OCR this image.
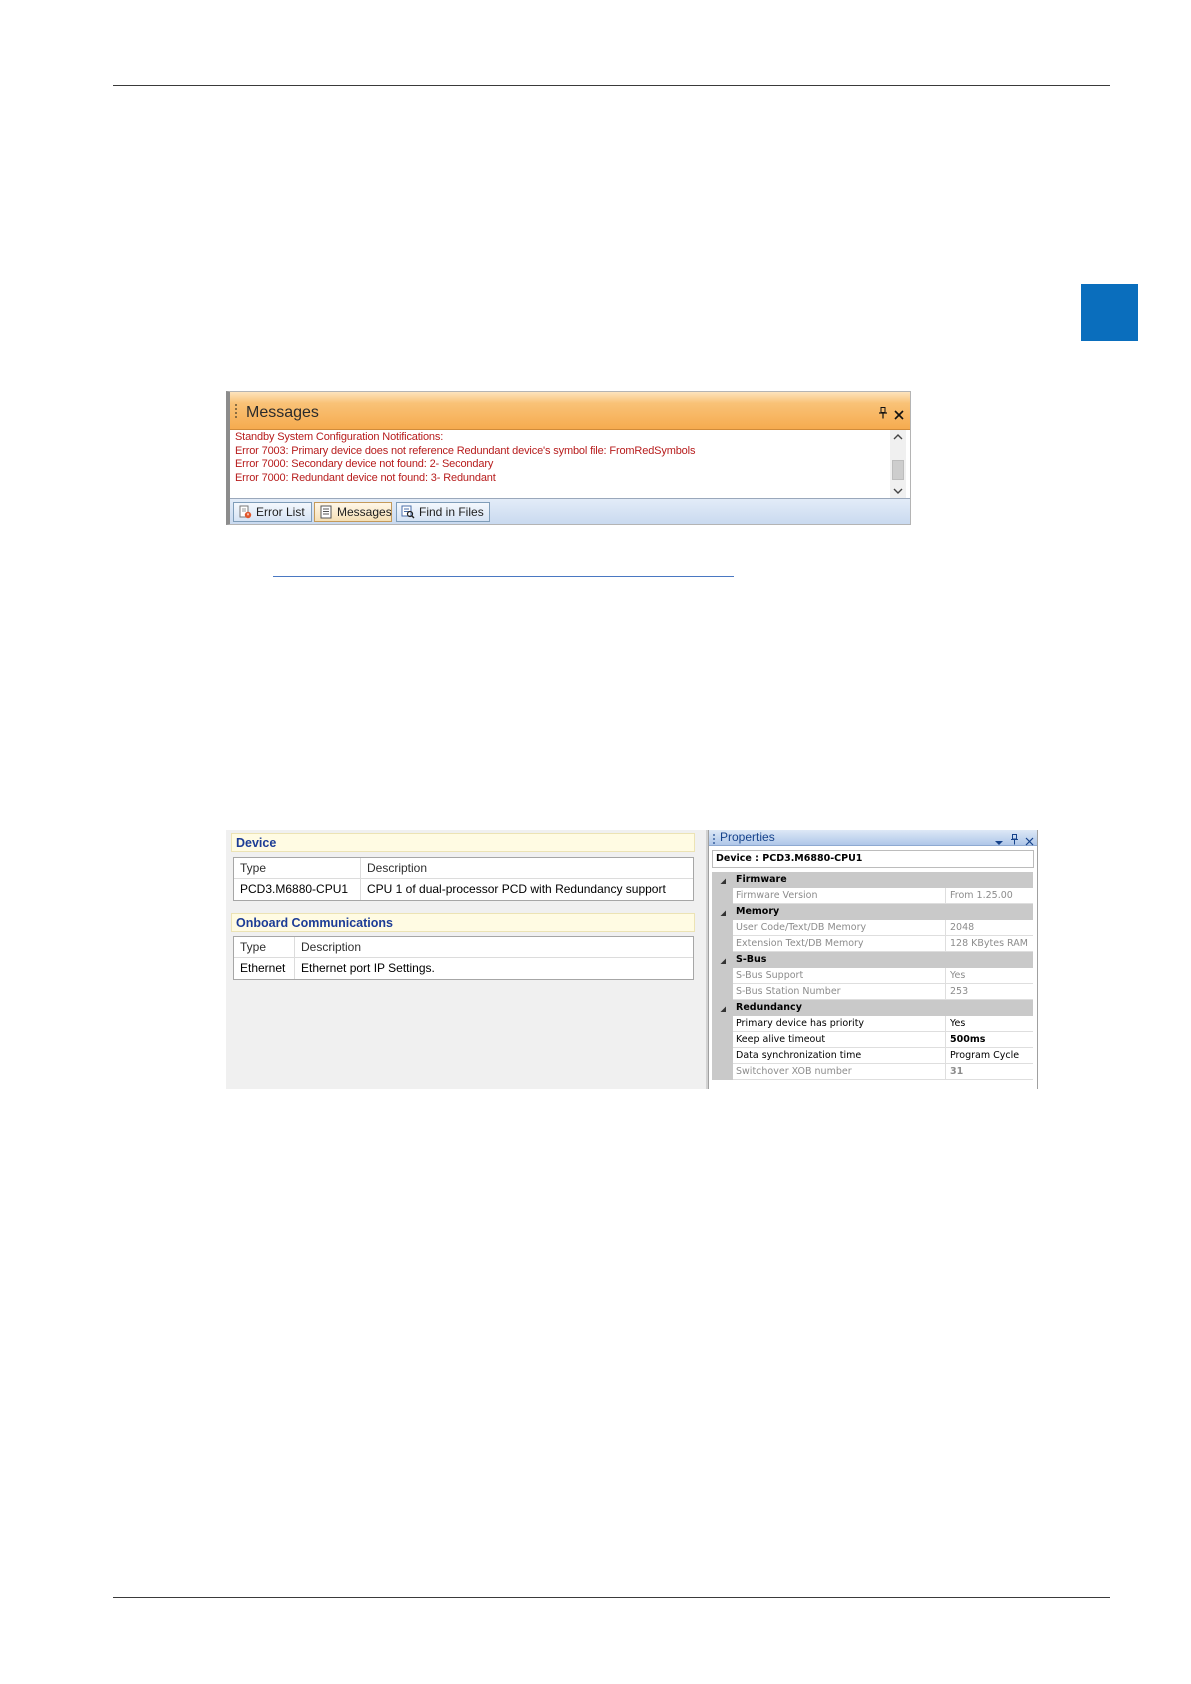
Messages
Standby System Configuration Notifications:
Error 7003: Primary device does not reference Redundant device's symbol file: FromRedSymbols
Error 7000: Secondary device not found: 2- Secondary
Error 7000: Redundant device not found: 3- Redundant
Error List	Messages Find in Files
Device
Type	Description
PCD3.M6880-CPU1	CPU 1 of dual-processor PCD with Redundancy support
Onboard Communications
Type	Description
Ethernet	Ethernet port IP Settings.
Properties
Device : PCD3.M6880-CPU1
Firmware
Firmware Version	From 1.25.00
Memory
User Code/Text/DB Memory	2048
Extension Text/DB Memory	128 KBytes RAM
S-Bus
S-Bus Support	Yes
S-Bus Station Number	253
Redundancy
Primary device has priority	Yes
Keep alive timeout	500ms
Data synchronization time	Program Cycle
Switchover XOB number	31
